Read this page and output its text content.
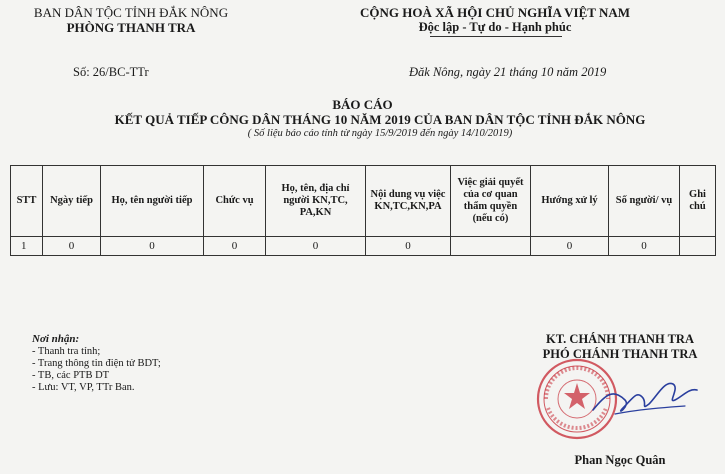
BAN DÂN TỘC TỈNH ĐẮK NÔNG
PHÒNG THANH TRA
CỘNG HOÀ XÃ HỘI CHỦ NGHĨA VIỆT NAM
Độc lập - Tự do - Hạnh phúc
Số: 26/BC-TTr	Đăk Nông, ngày 21 tháng 10 năm 2019
BÁO CÁO
KẾT QUẢ TIẾP CÔNG DÂN THÁNG 10 NĂM 2019 CỦA BAN DÂN TỘC TỈNH ĐẮK NÔNG
( Số liệu báo cáo tính từ ngày 15/9/2019 đến ngày 14/10/2019)
STT	Ngày tiếp	Họ, tên người tiếp	Chức vụ	Họ, tên, địa chỉ người KN,TC, PA,KN	Nội dung vụ việc KN,TC,KN,PA	Việc giải quyết của cơ quan thẩm quyền (nếu có)	Hướng xử lý	Số người/ vụ	Ghi chú
1	0	0	0	0	0		0	0	
Nơi nhận:
- Thanh tra tỉnh;
- Trang thông tin điện tử BDT;
- TB, các PTB DT
- Lưu: VT, VP, TTr Ban.
KT. CHÁNH THANH TRA
PHÓ CHÁNH THANH TRA
Phan Ngọc Quân
